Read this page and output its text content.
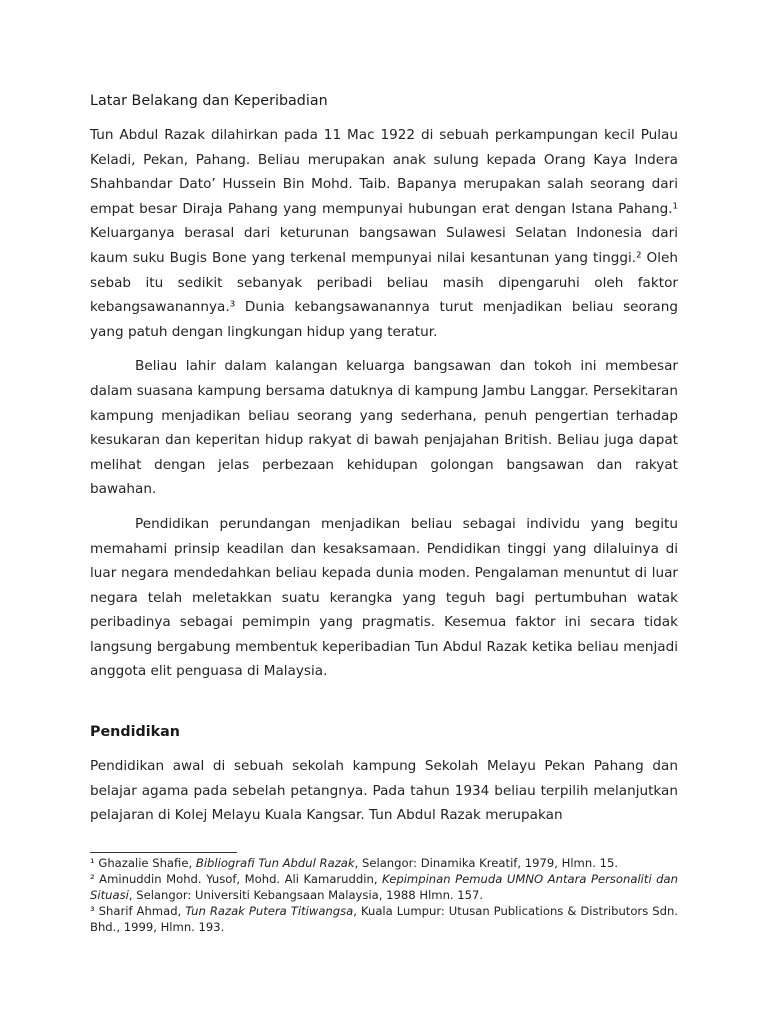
Latar Belakang dan Keperibadian

Tun Abdul Razak dilahirkan pada 11 Mac 1922 di sebuah perkampungan kecil Pulau Keladi, Pekan, Pahang. Beliau merupakan anak sulung kepada Orang Kaya Indera Shahbandar Dato’ Hussein Bin Mohd. Taib. Bapanya merupakan salah seorang dari empat besar Diraja Pahang yang mempunyai hubungan erat dengan Istana Pahang.¹ Keluarganya berasal dari keturunan bangsawan Sulawesi Selatan Indonesia dari kaum suku Bugis Bone yang terkenal mempunyai nilai kesantunan yang tinggi.² Oleh sebab itu sedikit sebanyak peribadi beliau masih dipengaruhi oleh faktor kebangsawanannya.³ Dunia kebangsawanannya turut menjadikan beliau seorang yang patuh dengan lingkungan hidup yang teratur.

Beliau lahir dalam kalangan keluarga bangsawan dan tokoh ini membesar dalam suasana kampung bersama datuknya di kampung Jambu Langgar. Persekitaran kampung menjadikan beliau seorang yang sederhana, penuh pengertian terhadap kesukaran dan keperitan hidup rakyat di bawah penjajahan British. Beliau juga dapat melihat dengan jelas perbezaan kehidupan golongan bangsawan dan rakyat bawahan.

Pendidikan perundangan menjadikan beliau sebagai individu yang begitu memahami prinsip keadilan dan kesaksamaan. Pendidikan tinggi yang dilaluinya di luar negara mendedahkan beliau kepada dunia moden. Pengalaman menuntut di luar negara telah meletakkan suatu kerangka yang teguh bagi pertumbuhan watak peribadinya sebagai pemimpin yang pragmatis. Kesemua faktor ini secara tidak langsung bergabung membentuk keperibadian Tun Abdul Razak ketika beliau menjadi anggota elit penguasa di Malaysia.

Pendidikan

Pendidikan awal di sebuah sekolah kampung Sekolah Melayu Pekan Pahang dan belajar agama pada sebelah petangnya. Pada tahun 1934 beliau terpilih melanjutkan pelajaran di Kolej Melayu Kuala Kangsar. Tun Abdul Razak merupakan

¹ Ghazalie Shafie, Bibliografi Tun Abdul Razak, Selangor: Dinamika Kreatif, 1979, Hlmn. 15.

² Aminuddin Mohd. Yusof, Mohd. Ali Kamaruddin, Kepimpinan Pemuda UMNO Antara Personaliti dan Situasi, Selangor: Universiti Kebangsaan Malaysia, 1988 Hlmn. 157.

³ Sharif Ahmad, Tun Razak Putera Titiwangsa, Kuala Lumpur: Utusan Publications & Distributors Sdn. Bhd., 1999, Hlmn. 193.
